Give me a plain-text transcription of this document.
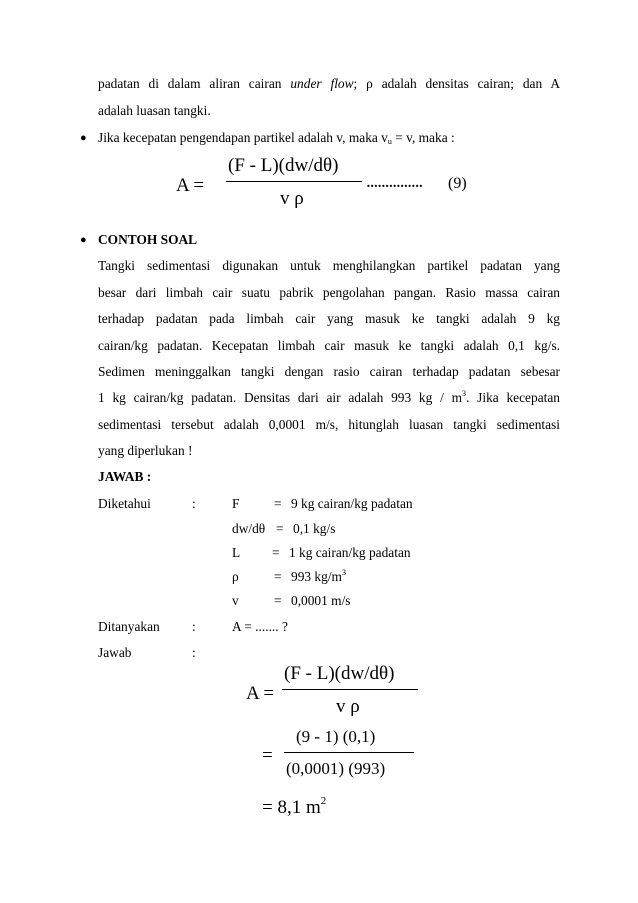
padatan di dalam aliran cairan under flow; ρ adalah densitas cairan; dan A
adalah luasan tangki.
● Jika kecepatan pengendapan partikel adalah v, maka $v_u = v$, maka :
A =
(F - L)(dw/dθ)
v ρ
............... (9)
● CONTOH SOAL
Tangki sedimentasi digunakan untuk menghilangkan partikel padatan yang
besar dari limbah cair suatu pabrik pengolahan pangan. Rasio massa cairan
terhadap padatan pada limbah cair yang masuk ke tangki adalah 9 kg
cairan/kg padatan. Kecepatan limbah cair masuk ke tangki adalah 0,1 kg/s.
Sedimen meninggalkan tangki dengan rasio cairan terhadap padatan sebesar
1 kg cairan/kg padatan. Densitas dari air adalah 993 kg / $m^3$. Jika kecepatan
sedimentasi tersebut adalah 0,0001 m/s, hitunglah luasan tangki sedimentasi
yang diperlukan !
JAWAB :
Diketahui	:	F	= 9 kg cairan/kg padatan
dw/dθ = 0,1 kg/s
L = 1 kg cairan/kg padatan
ρ	= 993 $kg/m^3$
v	= 0,0001 m/s
Ditanyakan :	A = ....... ?
Jawab	:
A =
(F - L)(dw/dθ)
v ρ
=
(9 - 1) (0,1)
(0,0001) (993)
= 8,1 $m^2$
